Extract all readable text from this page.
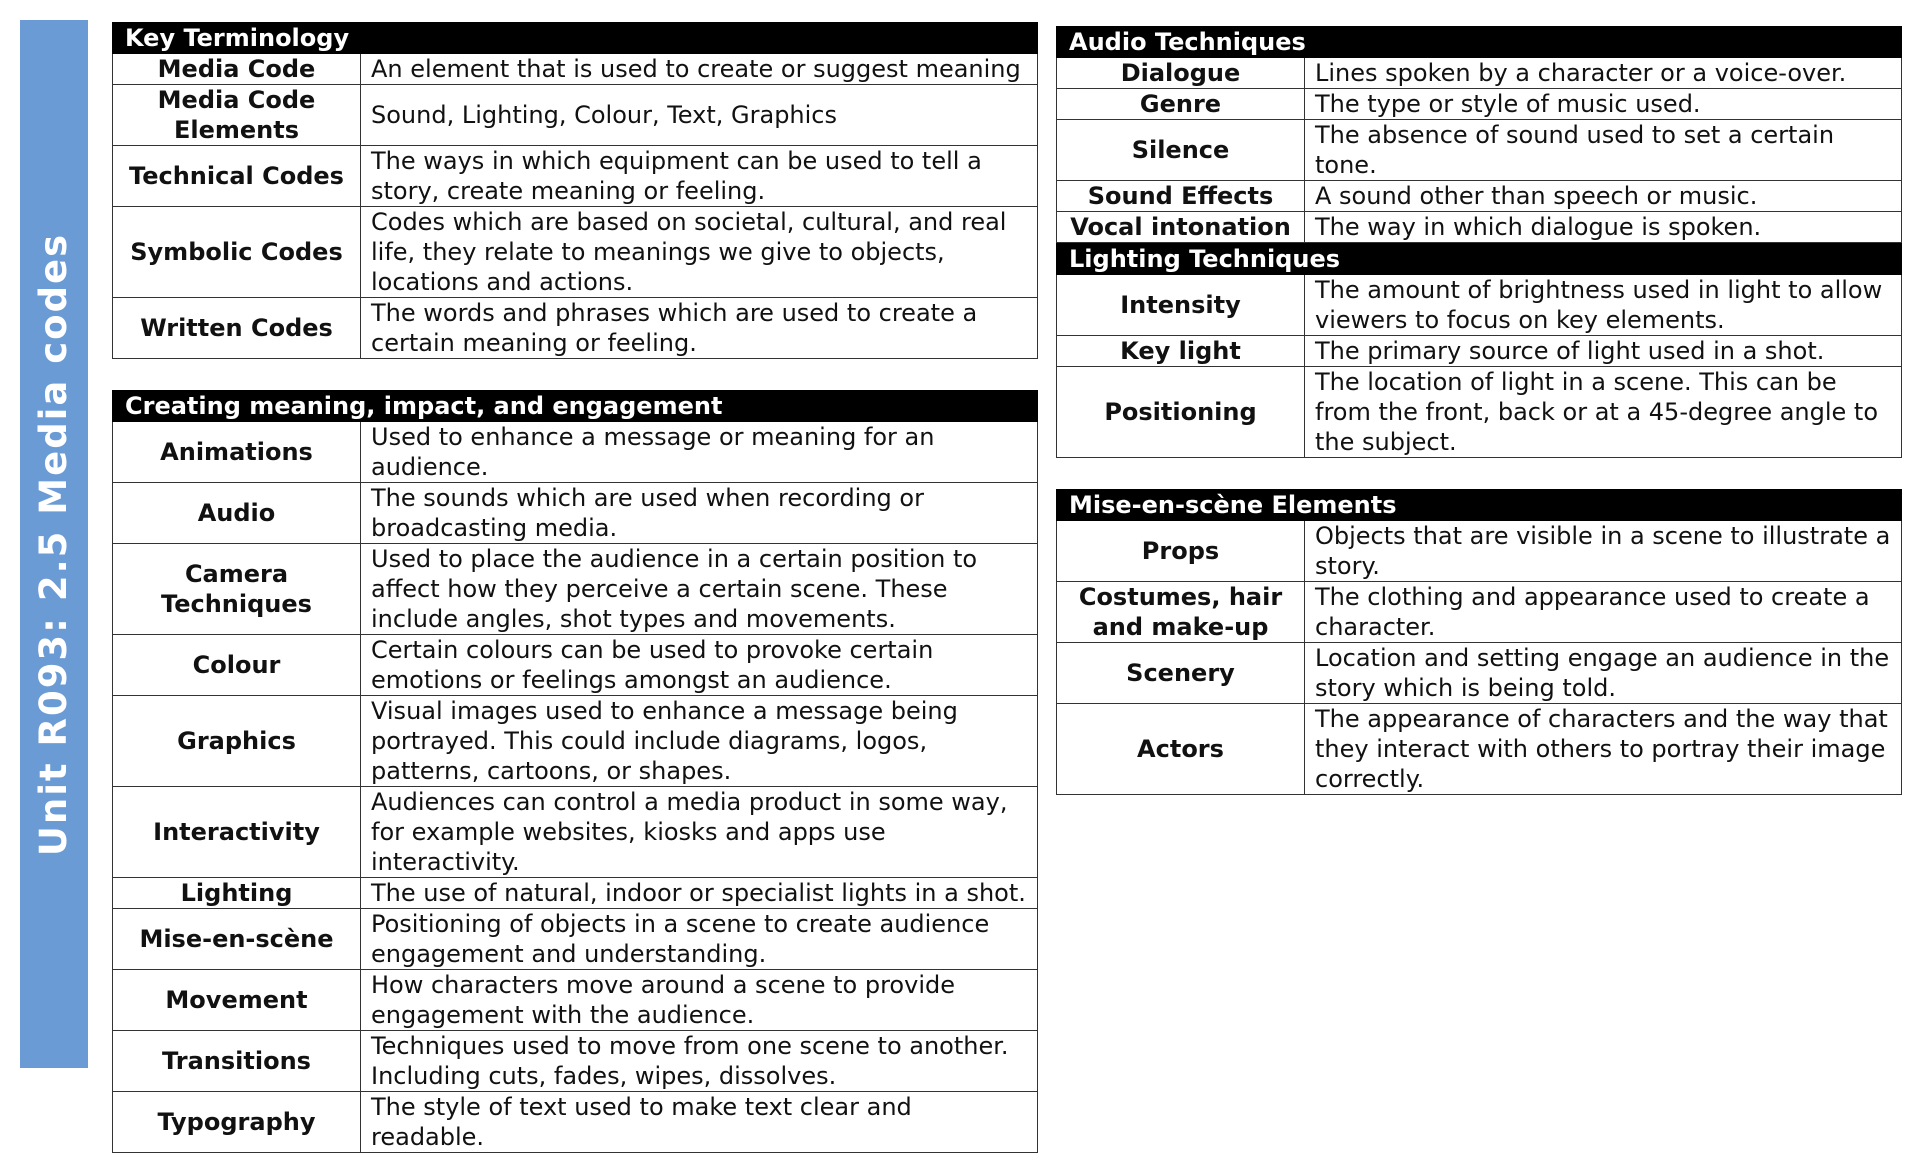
Unit R093: 2.5 Media codes
Key Terminology	
Media Code	An element that is used to create or suggest meaning
Media Code Elements	Sound, Lighting, Colour, Text, Graphics
Technical Codes	The ways in which equipment can be used to tell a story, create meaning or feeling.
Symbolic Codes	Codes which are based on societal, cultural, and real life, they relate to meanings we give to objects, locations and actions.
Written Codes	The words and phrases which are used to create a certain meaning or feeling.
Creating meaning, impact, and engagement	
Animations	Used to enhance a message or meaning for an audience.
Audio	The sounds which are used when recording or broadcasting media.
Camera Techniques	Used to place the audience in a certain position to affect how they perceive a certain scene. These include angles, shot types and movements.
Colour	Certain colours can be used to provoke certain emotions or feelings amongst an audience.
Graphics	Visual images used to enhance a message being portrayed. This could include diagrams, logos, patterns, cartoons, or shapes.
Interactivity	Audiences can control a media product in some way, for example websites, kiosks and apps use interactivity.
Lighting	The use of natural, indoor or specialist lights in a shot.
Mise-en-scène	Positioning of objects in a scene to create audience engagement and understanding.
Movement	How characters move around a scene to provide engagement with the audience.
Transitions	Techniques used to move from one scene to another. Including cuts, fades, wipes, dissolves.
Typography	The style of text used to make text clear and readable.
Audio Techniques	
Dialogue	Lines spoken by a character or a voice-over.
Genre	The type or style of music used.
Silence	The absence of sound used to set a certain tone.
Sound Effects	A sound other than speech or music.
Vocal intonation	The way in which dialogue is spoken.
Lighting Techniques	
Intensity	The amount of brightness used in light to allow viewers to focus on key elements.
Key light	The primary source of light used in a shot.
Positioning	The location of light in a scene. This can be from the front, back or at a 45-degree angle to the subject.
Mise-en-scène Elements	
Props	Objects that are visible in a scene to illustrate a story.
Costumes, hair and make-up	The clothing and appearance used to create a character.
Scenery	Location and setting engage an audience in the story which is being told.
Actors	The appearance of characters and the way that they interact with others to portray their image correctly.
